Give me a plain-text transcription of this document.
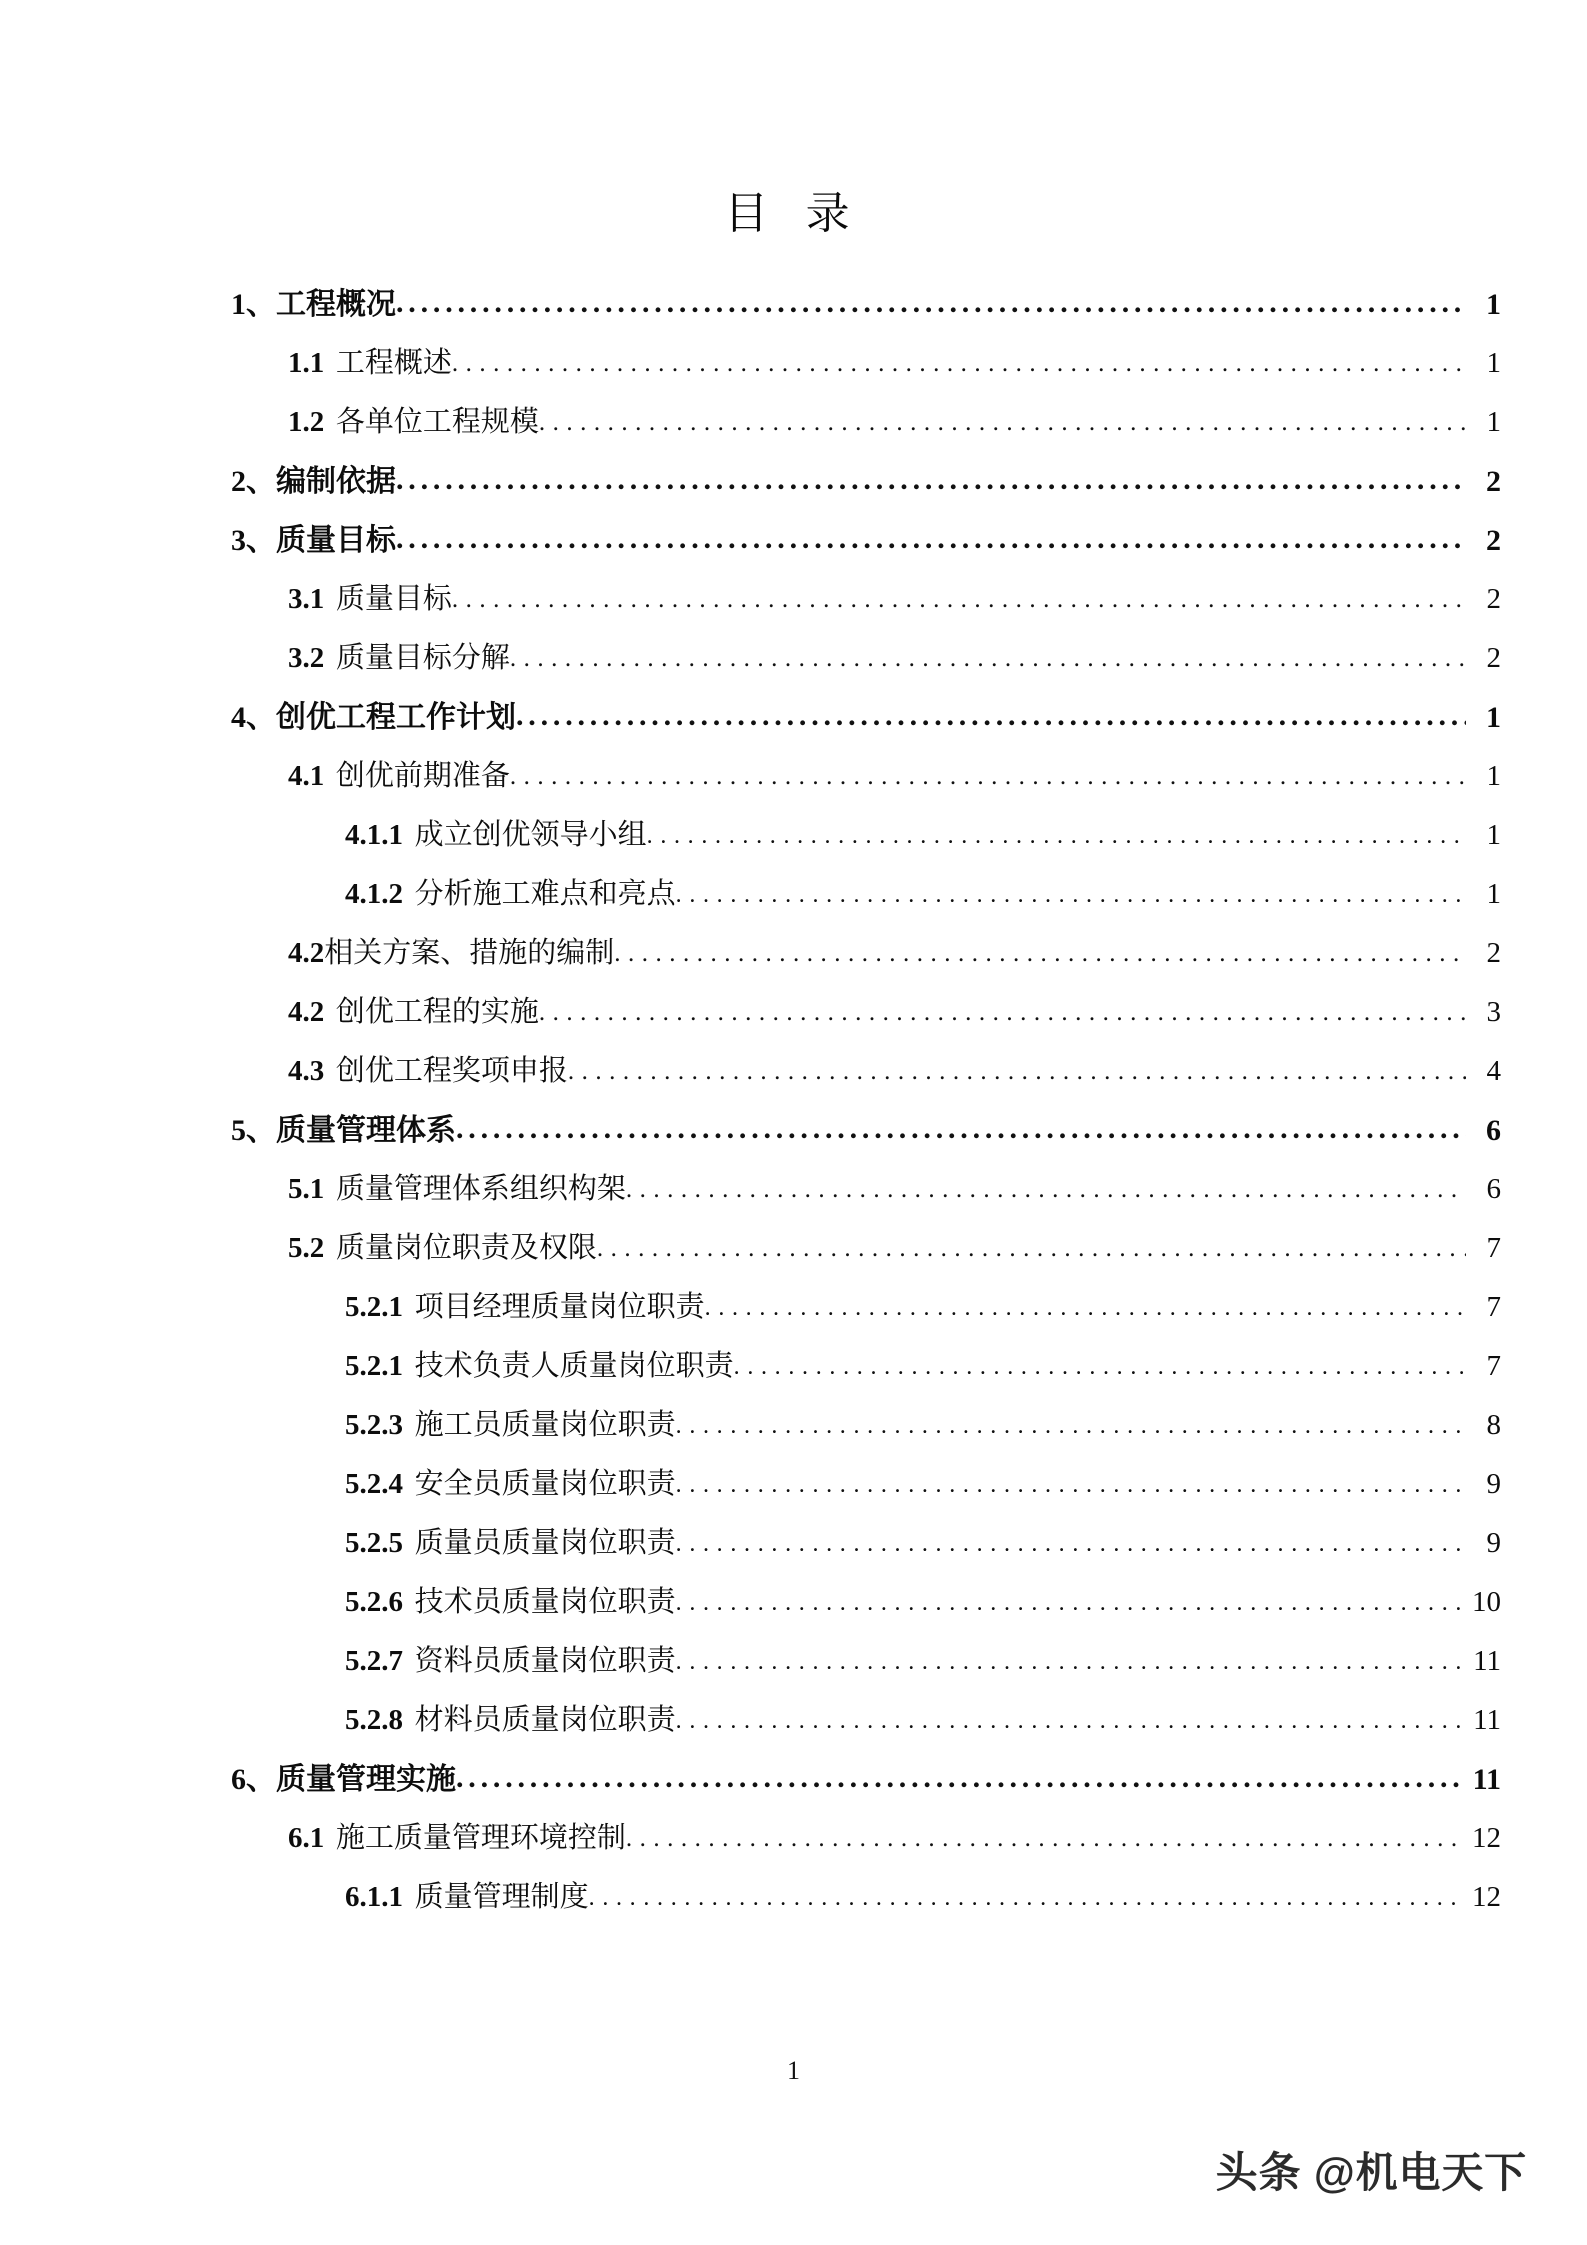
目 录
1、工程概况 .....	1
1.1   工程概述 .....	1
1.2   各单位工程规模 .....	1
2、编制依据 .....	2
3、质量目标 .....	2
3.1   质量目标 .....	2
3.2   质量目标分解 .....	2
4、创优工程工作计划 .....	1
4.1   创优前期准备 .....	1
4.1.1   成立创优领导小组 .....	1
4.1.2   分析施工难点和亮点 .....	1
4.2相关方案、措施的编制 .....	2
4.2   创优工程的实施 .....	3
4.3   创优工程奖项申报 .....	4
5、质量管理体系 .....	6
5.1   质量管理体系组织构架 .....	6
5.2   质量岗位职责及权限 .....	7
5.2.1   项目经理质量岗位职责 .....	7
5.2.1   技术负责人质量岗位职责 .....	7
5.2.3   施工员质量岗位职责 .....	8
5.2.4   安全员质量岗位职责 .....	9
5.2.5   质量员质量岗位职责 .....	9
5.2.6   技术员质量岗位职责 .....	10
5.2.7   资料员质量岗位职责 .....	11
5.2.8   材料员质量岗位职责 .....	11
6、质量管理实施 .....	11
6.1   施工质量管理环境控制 .....	12
6.1.1   质量管理制度 .....	12
1
头条 @机电天下
